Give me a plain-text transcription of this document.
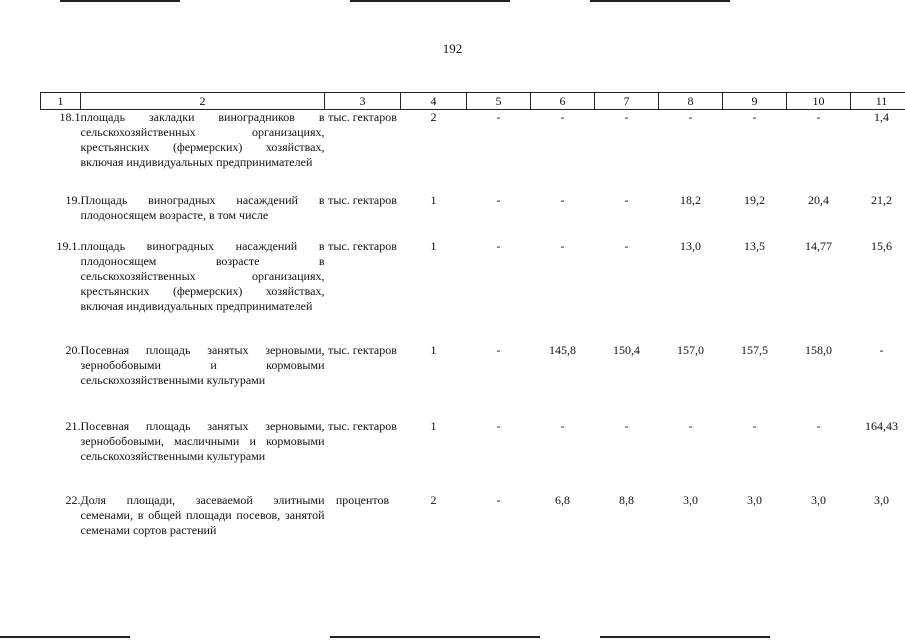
192
1	2	3	4	5	6	7	8	9	10	11
18.1	площадь закладки виноградников в сельскохозяйственных организациях, крестьянских (фермерских) хозяйствах, включая индивидуальных предпринимателей	тыс. гектаров	2	-	-	-	-	-	-	1,4
19.	Площадь виноградных насаждений в плодоносящем возрасте, в том числе	тыс. гектаров	1	-	-	-	18,2	19,2	20,4	21,2
19.1.	площадь виноградных насаждений в плодоносящем возрасте в сельскохозяйственных организациях, крестьянских (фермерских) хозяйствах, включая индивидуальных предпринимателей	тыс. гектаров	1	-	-	-	13,0	13,5	14,77	15,6
20.	Посевная площадь занятых зерновыми, зернобобовыми и кормовыми сельскохозяйственными культурами	тыс. гектаров	1	-	145,8	150,4	157,0	157,5	158,0	-
21.	Посевная площадь занятых зерновыми, зернобобовыми, масличными и кормовыми сельскохозяйственными культурами	тыс. гектаров	1	-	-	-	-	-	-	164,43
22.	Доля площади, засеваемой элитными семенами, в общей площади посевов, занятой семенами сортов растений	процентов	2	-	6,8	8,8	3,0	3,0	3,0	3,0
